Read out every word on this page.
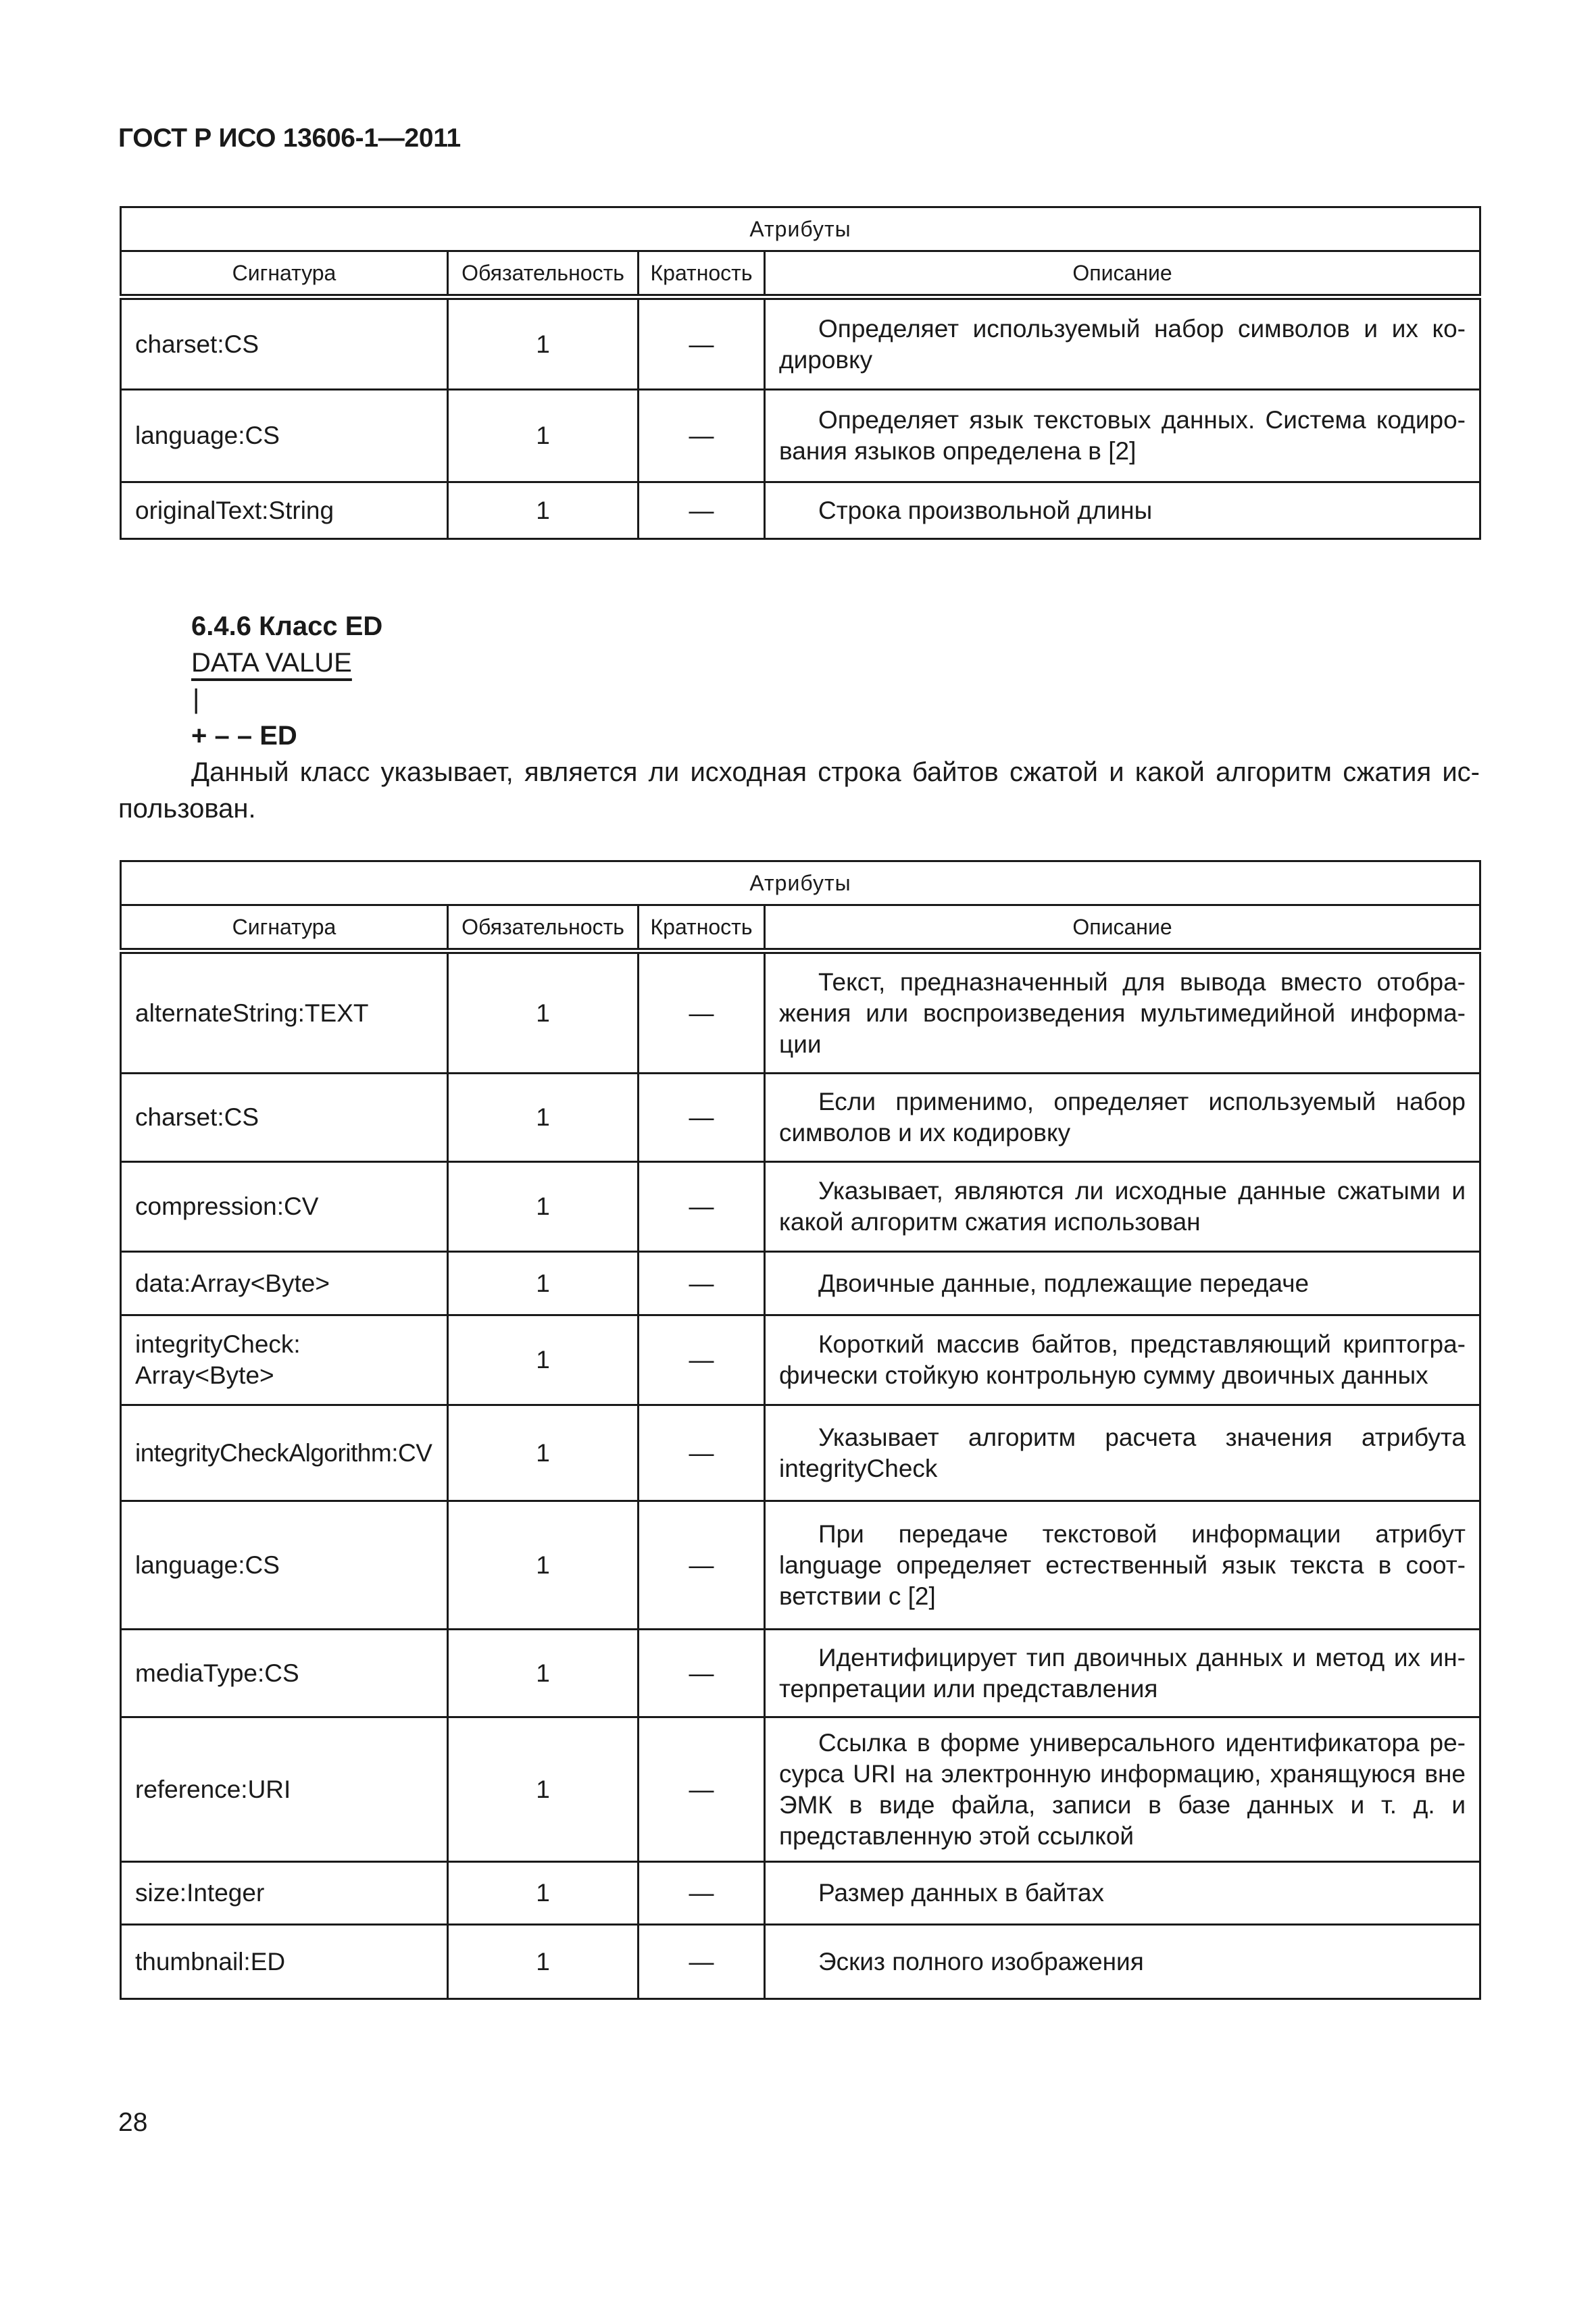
ГОСТ Р ИСО 13606-1—2011
Атрибуты			
Сигнатура	Обязательность	Кратность	Описание
charset:CS	1	—	Определяет используемый набор символов и их кодировку

language:CS	1	—	Определяет язык текстовых данных. Система кодирования языков определена в [2]

originalText:String	1	—	Строка произвольной длины
6.4.6 Класс ED
DATA VALUE
|
+ – – ED
Данный класс указывает, является ли исходная строка байтов сжатой и какой алгоритм сжатия использован.
Атрибуты			
Сигнатура	Обязательность	Кратность	Описание
alternateString:TEXT	1	—	Текст, предназначенный для вывода вместо отображения или воспроизведения мультимедийной информации

charset:CS	1	—	Если применимо, определяет используемый набор символов и их кодировку

compression:CV	1	—	Указывает, являются ли исходные данные сжатыми и какой алгоритм сжатия использован

data:Array<Byte>	1	—	Двоичные данные, подлежащие передаче

integrityCheck: Array<Byte>	1	—	Короткий массив байтов, представляющий криптографически стойкую контрольную сумму двоичных данных

integrityCheckAlgorithm:CV	1	—	Указывает алгоритм расчета значения атрибута integrityCheck

language:CS	1	—	При передаче текстовой информации атрибут language определяет естественный язык текста в соответствии с [2]

mediaType:CS	1	—	Идентифицирует тип двоичных данных и метод их интерпретации или представления

reference:URI	1	—	Ссылка в форме универсального идентификатора ресурса URI на электронную информацию, хранящуюся вне ЭМК в виде файла, записи в базе данных и т. д. и представленную этой ссылкой

size:Integer	1	—	Размер данных в байтах

thumbnail:ED	1	—	Эскиз полного изображения
28
